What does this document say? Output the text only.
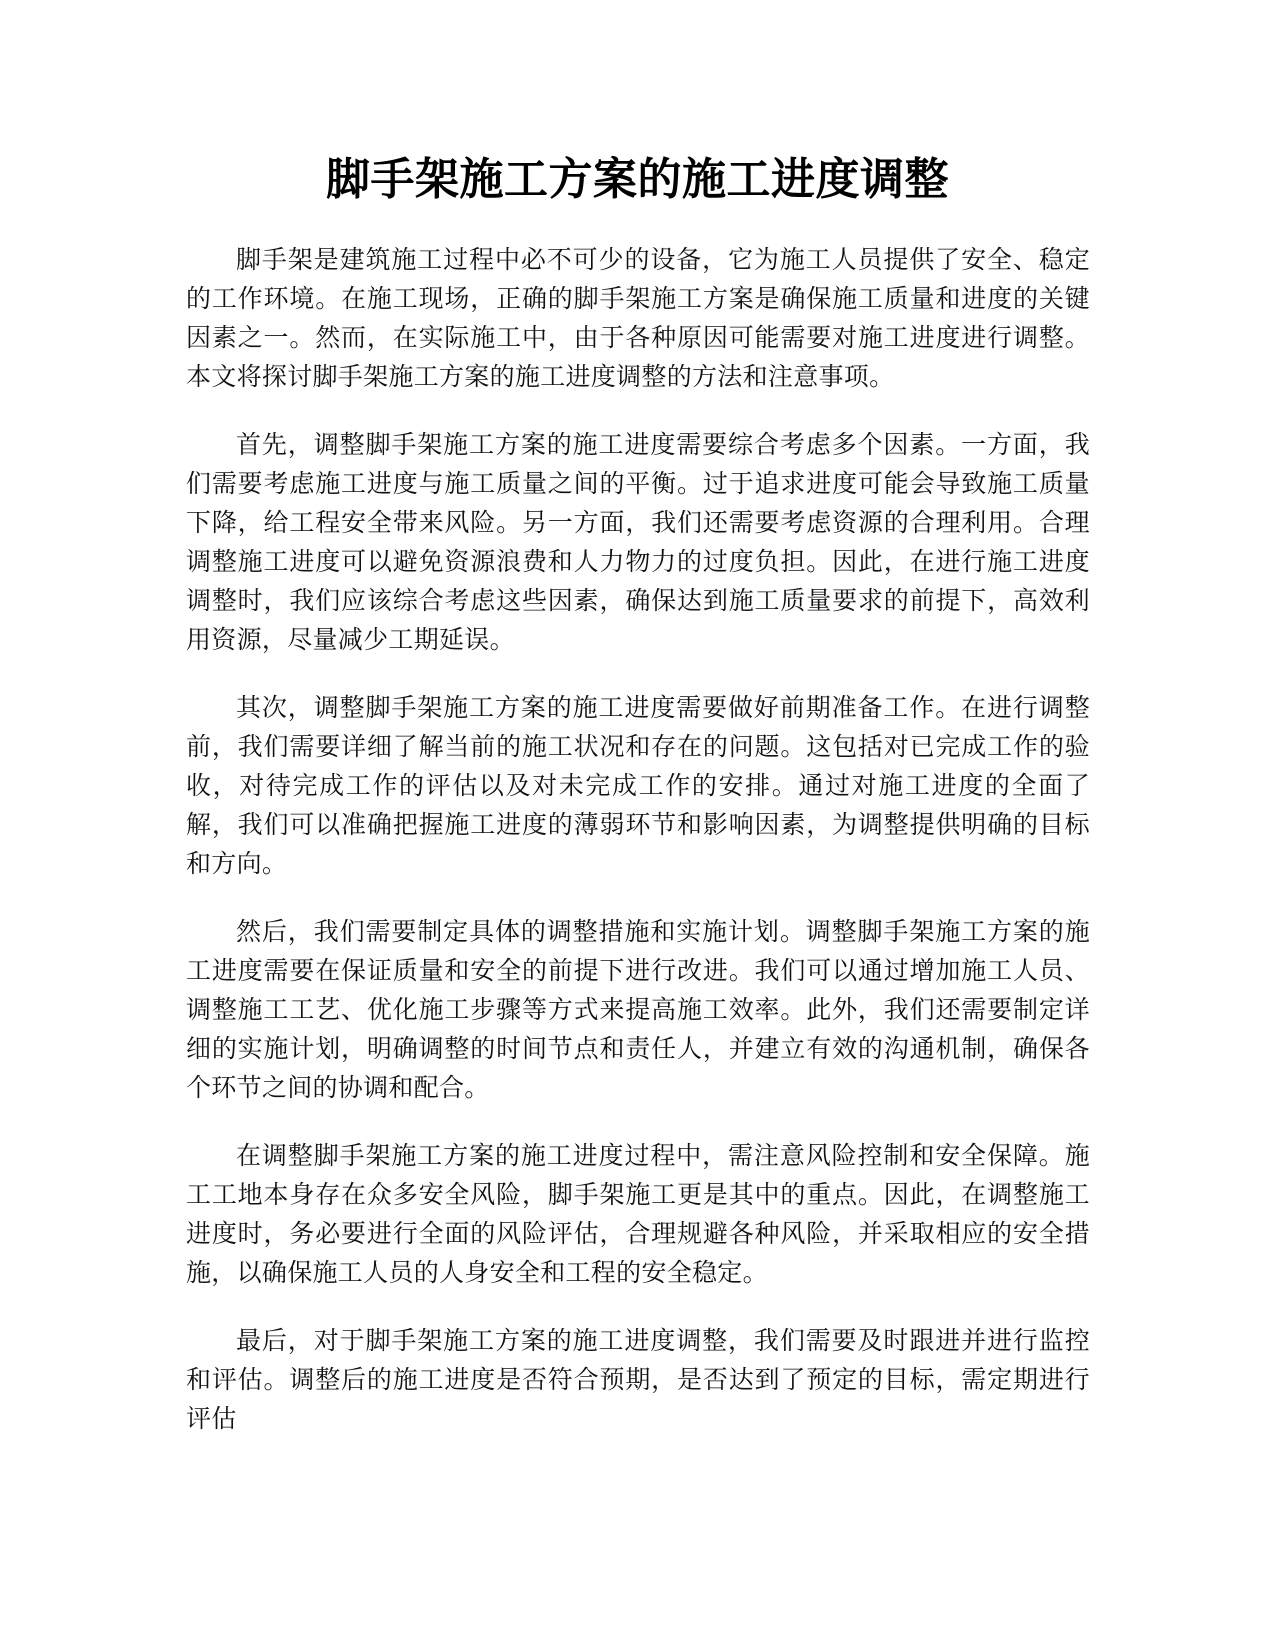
脚手架施工方案的施工进度调整

脚手架是建筑施工过程中必不可少的设备，它为施工人员提供了安全、稳定的工作环境。在施工现场，正确的脚手架施工方案是确保施工质量和进度的关键因素之一。然而，在实际施工中，由于各种原因可能需要对施工进度进行调整。本文将探讨脚手架施工方案的施工进度调整的方法和注意事项。

首先，调整脚手架施工方案的施工进度需要综合考虑多个因素。一方面，我们需要考虑施工进度与施工质量之间的平衡。过于追求进度可能会导致施工质量下降，给工程安全带来风险。另一方面，我们还需要考虑资源的合理利用。合理调整施工进度可以避免资源浪费和人力物力的过度负担。因此，在进行施工进度调整时，我们应该综合考虑这些因素，确保达到施工质量要求的前提下，高效利用资源，尽量减少工期延误。

其次，调整脚手架施工方案的施工进度需要做好前期准备工作。在进行调整前，我们需要详细了解当前的施工状况和存在的问题。这包括对已完成工作的验收，对待完成工作的评估以及对未完成工作的安排。通过对施工进度的全面了解，我们可以准确把握施工进度的薄弱环节和影响因素，为调整提供明确的目标和方向。

然后，我们需要制定具体的调整措施和实施计划。调整脚手架施工方案的施工进度需要在保证质量和安全的前提下进行改进。我们可以通过增加施工人员、调整施工工艺、优化施工步骤等方式来提高施工效率。此外，我们还需要制定详细的实施计划，明确调整的时间节点和责任人，并建立有效的沟通机制，确保各个环节之间的协调和配合。

在调整脚手架施工方案的施工进度过程中，需注意风险控制和安全保障。施工工地本身存在众多安全风险，脚手架施工更是其中的重点。因此，在调整施工进度时，务必要进行全面的风险评估，合理规避各种风险，并采取相应的安全措施，以确保施工人员的人身安全和工程的安全稳定。

最后，对于脚手架施工方案的施工进度调整，我们需要及时跟进并进行监控和评估。调整后的施工进度是否符合预期，是否达到了预定的目标，需定期进行评估
